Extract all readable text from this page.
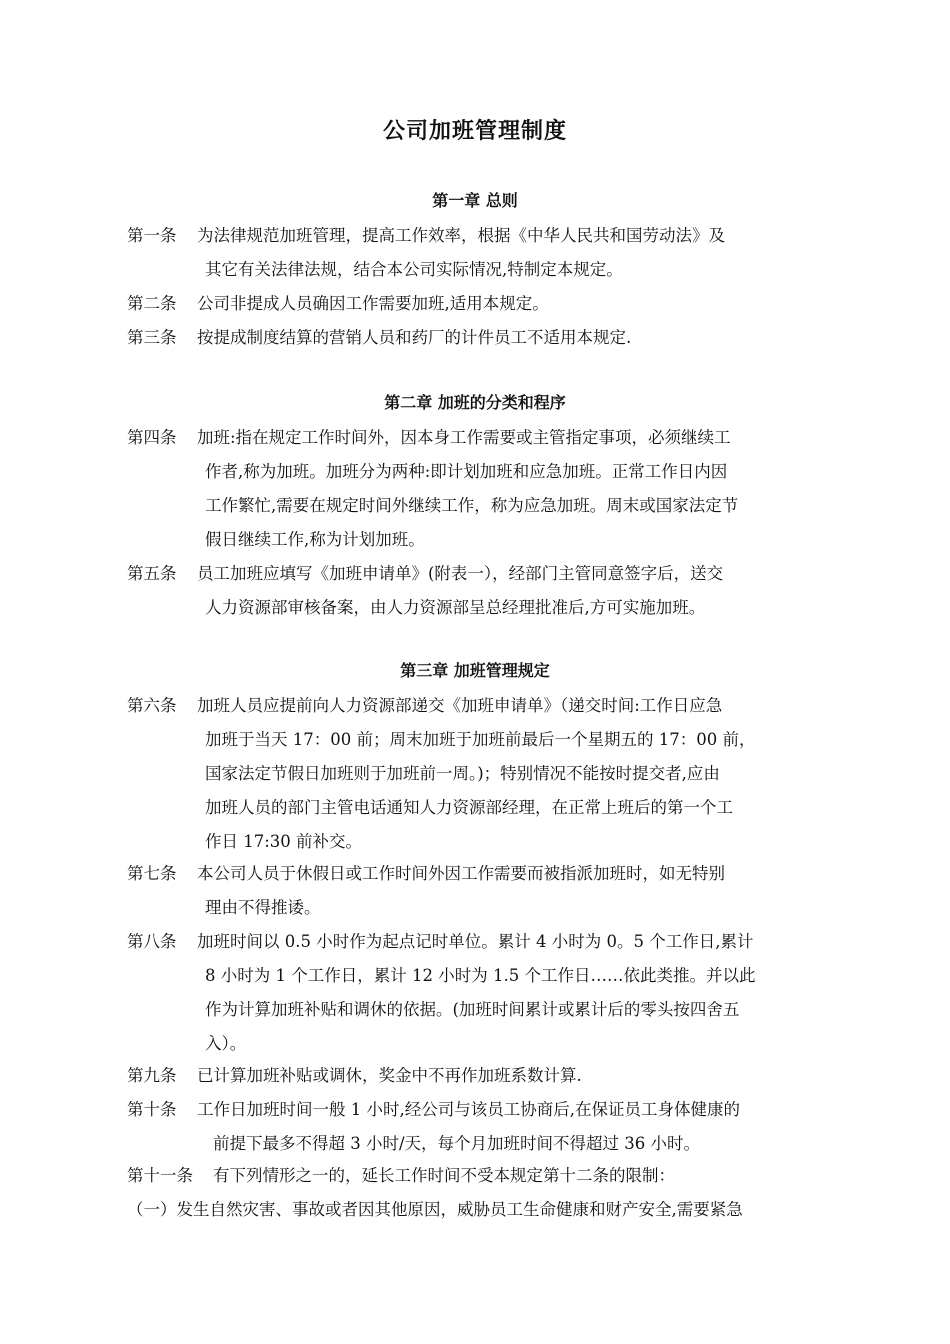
公司加班管理制度
第一章 总则
第一条 为法律规范加班管理，提高工作效率，根据《中华人民共和国劳动法》及
其它有关法律法规，结合本公司实际情况,特制定本规定。
第二条 公司非提成人员确因工作需要加班,适用本规定。
第三条 按提成制度结算的营销人员和药厂的计件员工不适用本规定.
第二章 加班的分类和程序
第四条 加班:指在规定工作时间外，因本身工作需要或主管指定事项，必须继续工
作者,称为加班。加班分为两种:即计划加班和应急加班。正常工作日内因
工作繁忙,需要在规定时间外继续工作，称为应急加班。周末或国家法定节
假日继续工作,称为计划加班。
第五条 员工加班应填写《加班申请单》(附表一），经部门主管同意签字后，送交
人力资源部审核备案，由人力资源部呈总经理批准后,方可实施加班。
第三章 加班管理规定
第六条 加班人员应提前向人力资源部递交《加班申请单》（递交时间:工作日应急
加班于当天 17：00 前；周末加班于加班前最后一个星期五的 17：00 前，
国家法定节假日加班则于加班前一周。)；特别情况不能按时提交者,应由
加班人员的部门主管电话通知人力资源部经理，在正常上班后的第一个工
作日 17:30 前补交。
第七条 本公司人员于休假日或工作时间外因工作需要而被指派加班时，如无特别
理由不得推诿。
第八条 加班时间以 0.5 小时作为起点记时单位。累计 4 小时为 0。5 个工作日,累计
8 小时为 1 个工作日，累计 12 小时为 1.5 个工作日……依此类推。并以此
作为计算加班补贴和调休的依据。(加班时间累计或累计后的零头按四舍五
入）。
第九条 已计算加班补贴或调休，奖金中不再作加班系数计算.
第十条 工作日加班时间一般 1 小时,经公司与该员工协商后,在保证员工身体健康的
前提下最多不得超 3 小时/天，每个月加班时间不得超过 36 小时。
第十一条 有下列情形之一的，延长工作时间不受本规定第十二条的限制：
（一）发生自然灾害、事故或者因其他原因，威胁员工生命健康和财产安全,需要紧急
